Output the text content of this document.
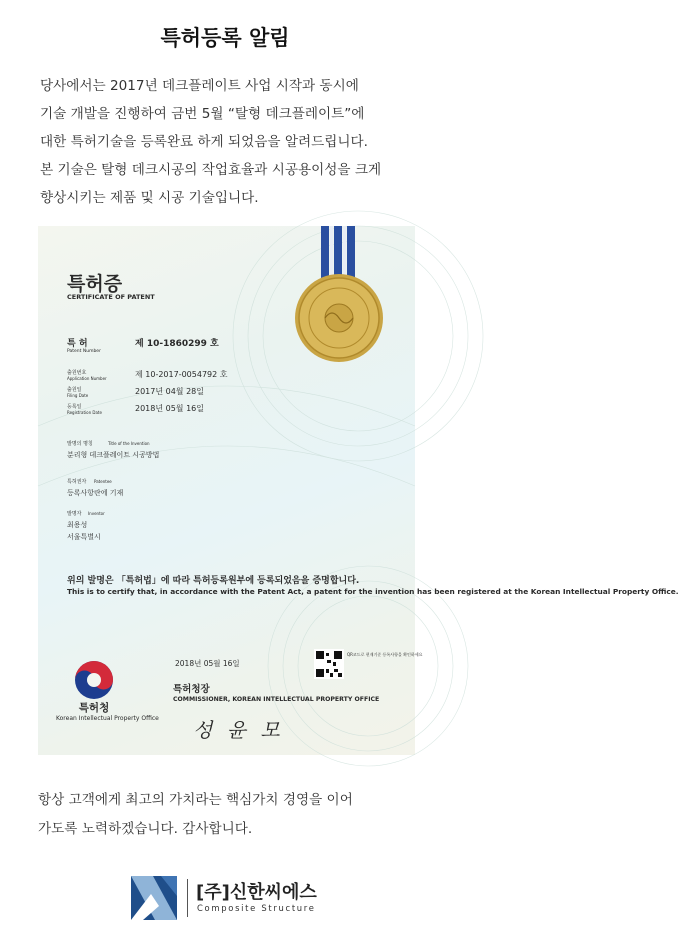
특허등록 알림

당사에서는 2017년 데크플레이트 사업 시작과 동시에

기술 개발을 진행하여 금번 5월 “탈형 데크플레이트”에

대한 특허기술을 등록완료 하게 되었음을 알려드립니다.

본 기술은 탈형 데크시공의 작업효율과 시공용이성을 크게

향상시키는 제품 및 시공 기술입니다.

특허증
CERTIFICATE OF PATENT
특 허
Patent Number
제 10-1860299 호
출원번호
Application Number	제 10-2017-0054792 호
출원일
Filing Date	2017년 04월 28일
등록일
Registration Date	2018년 05월 16일
발명의 명칭	Title of the Invention
분리형 데크플레이트 시공방법
특허권자 Patentee
등록사항란에 기재
발명자 Inventor
최용성
서울특별시
위의 발명은 「특허법」에 따라 특허등록원부에 등록되었음을 증명합니다.
This is to certify that, in accordance with the Patent Act, a patent for the invention has been registered at the Korean Intellectual Property Office.
특허청
Korean Intellectual Property Office
2018년 05월 16일
특허청장
COMMISSIONER, KOREAN INTELLECTUAL PROPERTY OFFICE
성 윤 모
QR코드로 현재기준 등록사항을 확인하세요

항상 고객에게 최고의 가치라는 핵심가치 경영을 이어

가도록 노력하겠습니다. 감사합니다.

[주]신한씨에스
Composite Structure
